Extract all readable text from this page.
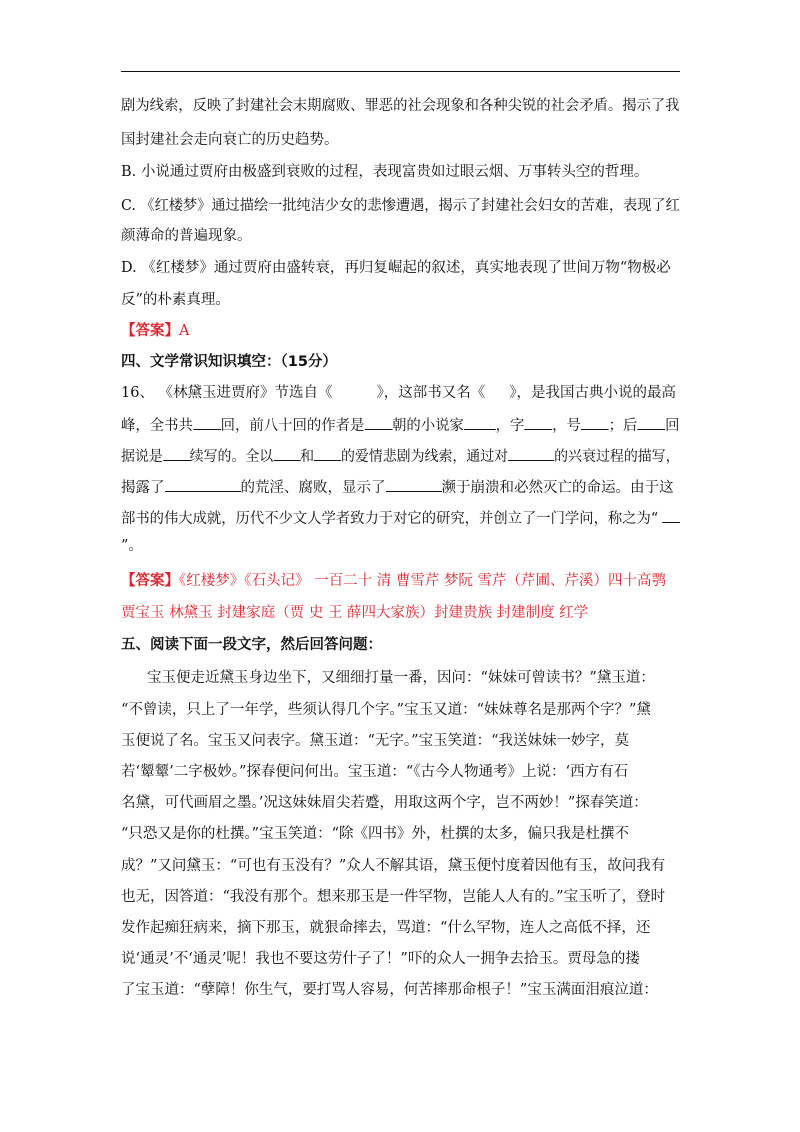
剧为线索，反映了封建社会末期腐败、罪恶的社会现象和各种尖锐的社会矛盾。揭示了我

国封建社会走向衰亡的历史趋势。

B. 小说通过贾府由极盛到衰败的过程，表现富贵如过眼云烟、万事转头空的哲理。

C. 《红楼梦》通过描绘一批纯洁少女的悲惨遭遇，揭示了封建社会妇女的苦难，表现了红

颜薄命的普遍现象。

D. 《红楼梦》通过贾府由盛转衰，再归复崛起的叙述，真实地表现了世间万物“物极必

反”的朴素真理。

【答案】A

四、文学常识知识填空：（15分）

16、 《林黛玉进贾府》节选自《	》，这部书又名《 》，是我国古典小说的最高

峰，全书共 回，前八十回的作者是 朝的小说家 ，字 ，号 ；后 回

据说是 续写的。全以 和 的爱情悲剧为线索，通过对	的兴衰过程的描写，

揭露了	的荒淫、腐败，显示了	濒于崩溃和必然灭亡的命运。由于这

部书的伟大成就，历代不少文人学者致力于对它的研究，并创立了一门学问，称之为“

”。

【答案】《红楼梦》《石头记》 一百二十 清 曹雪芹 梦阮 雪芹（芹圃、芹溪）四十高鹗

贾宝玉 林黛玉 封建家庭（贾 史 王 薛四大家族）封建贵族 封建制度 红学

五、阅读下面一段文字，然后回答问题：

宝玉便走近黛玉身边坐下，又细细打量一番，因问：“妹妹可曾读书？”黛玉道：

“不曾读，只上了一年学，些须认得几个字。”宝玉又道：“妹妹尊名是那两个字？”黛

玉便说了名。宝玉又问表字。黛玉道：“无字。”宝玉笑道：“我送妹妹一妙字，莫

若‘颦颦’二字极妙。”探春便问何出。宝玉道：“《古今人物通考》上说：‘西方有石

名黛，可代画眉之墨。’况这妹妹眉尖若蹙，用取这两个字，岂不两妙！”探春笑道：

“只恐又是你的杜撰。”宝玉笑道：“除《四书》外，杜撰的太多，偏只我是杜撰不

成？”又问黛玉：“可也有玉没有？”众人不解其语，黛玉便忖度着因他有玉，故问我有

也无，因答道：“我没有那个。想来那玉是一件罕物，岂能人人有的。”宝玉听了，登时

发作起痴狂病来，摘下那玉，就狠命摔去，骂道：“什么罕物，连人之高低不择，还

说‘通灵’不‘通灵’呢！我也不要这劳什子了！”吓的众人一拥争去拾玉。贾母急的搂

了宝玉道：“孽障！你生气，要打骂人容易，何苦摔那命根子！”宝玉满面泪痕泣道：
